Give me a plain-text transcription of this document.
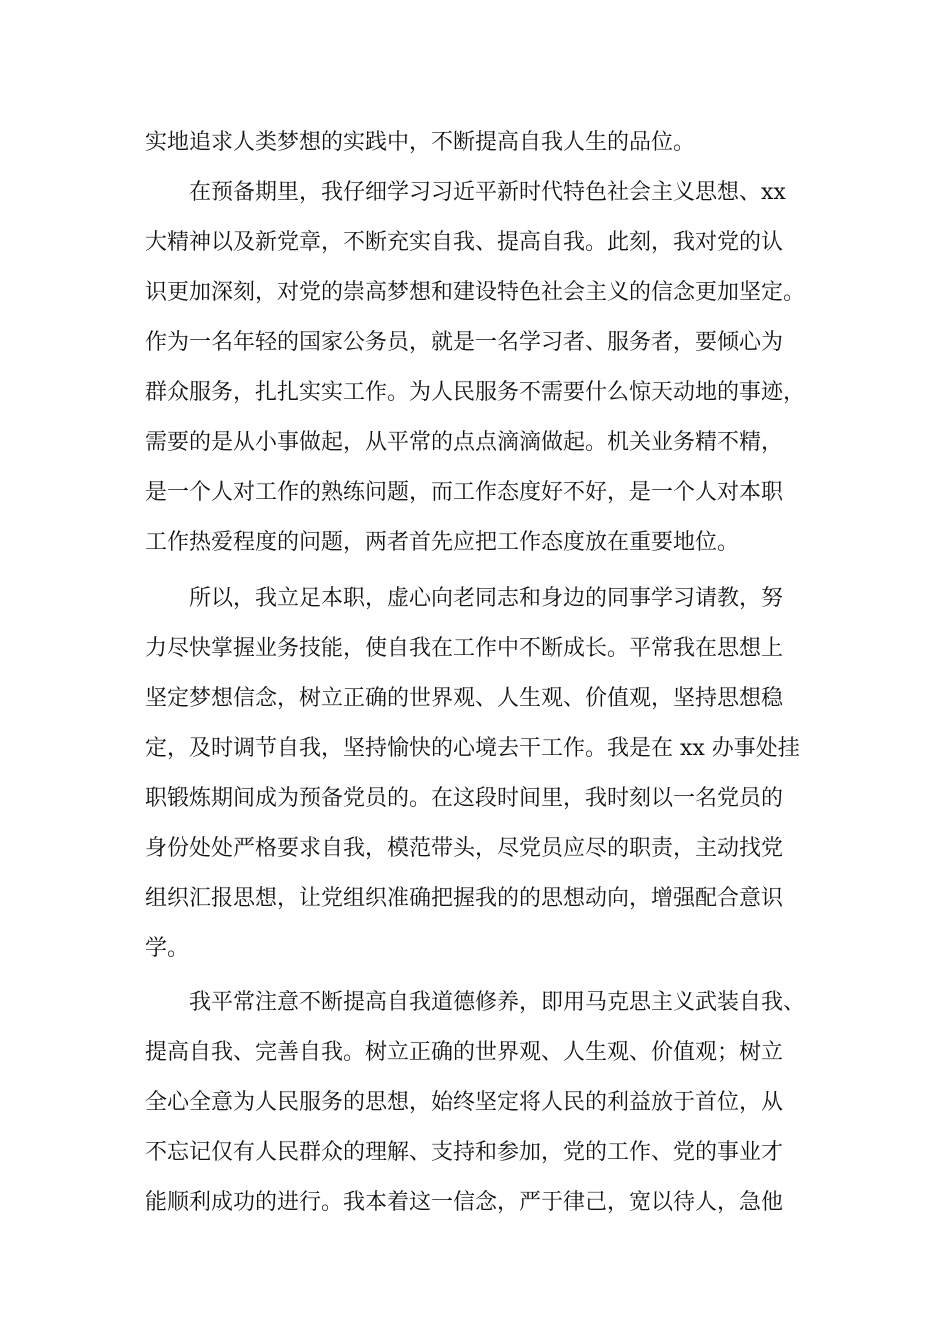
实地追求人类梦想的实践中，不断提高自我人生的品位。
在预备期里，我仔细学习习近平新时代特色社会主义思想、xx
大精神以及新党章，不断充实自我、提高自我。此刻，我对党的认
识更加深刻，对党的崇高梦想和建设特色社会主义的信念更加坚定。
作为一名年轻的国家公务员，就是一名学习者、服务者，要倾心为
群众服务，扎扎实实工作。为人民服务不需要什么惊天动地的事迹，
需要的是从小事做起，从平常的点点滴滴做起。机关业务精不精，
是一个人对工作的熟练问题，而工作态度好不好，是一个人对本职
工作热爱程度的问题，两者首先应把工作态度放在重要地位。
所以，我立足本职，虚心向老同志和身边的同事学习请教，努
力尽快掌握业务技能，使自我在工作中不断成长。平常我在思想上
坚定梦想信念，树立正确的世界观、人生观、价值观，坚持思想稳
定，及时调节自我，坚持愉快的心境去干工作。我是在 xx 办事处挂
职锻炼期间成为预备党员的。在这段时间里，我时刻以一名党员的
身份处处严格要求自我，模范带头，尽党员应尽的职责，主动找党
组织汇报思想，让党组织准确把握我的的思想动向，增强配合意识
学。
我平常注意不断提高自我道德修养，即用马克思主义武装自我、
提高自我、完善自我。树立正确的世界观、人生观、价值观；树立
全心全意为人民服务的思想，始终坚定将人民的利益放于首位，从
不忘记仅有人民群众的理解、支持和参加，党的工作、党的事业才
能顺利成功的进行。我本着这一信念，严于律己，宽以待人，急他
